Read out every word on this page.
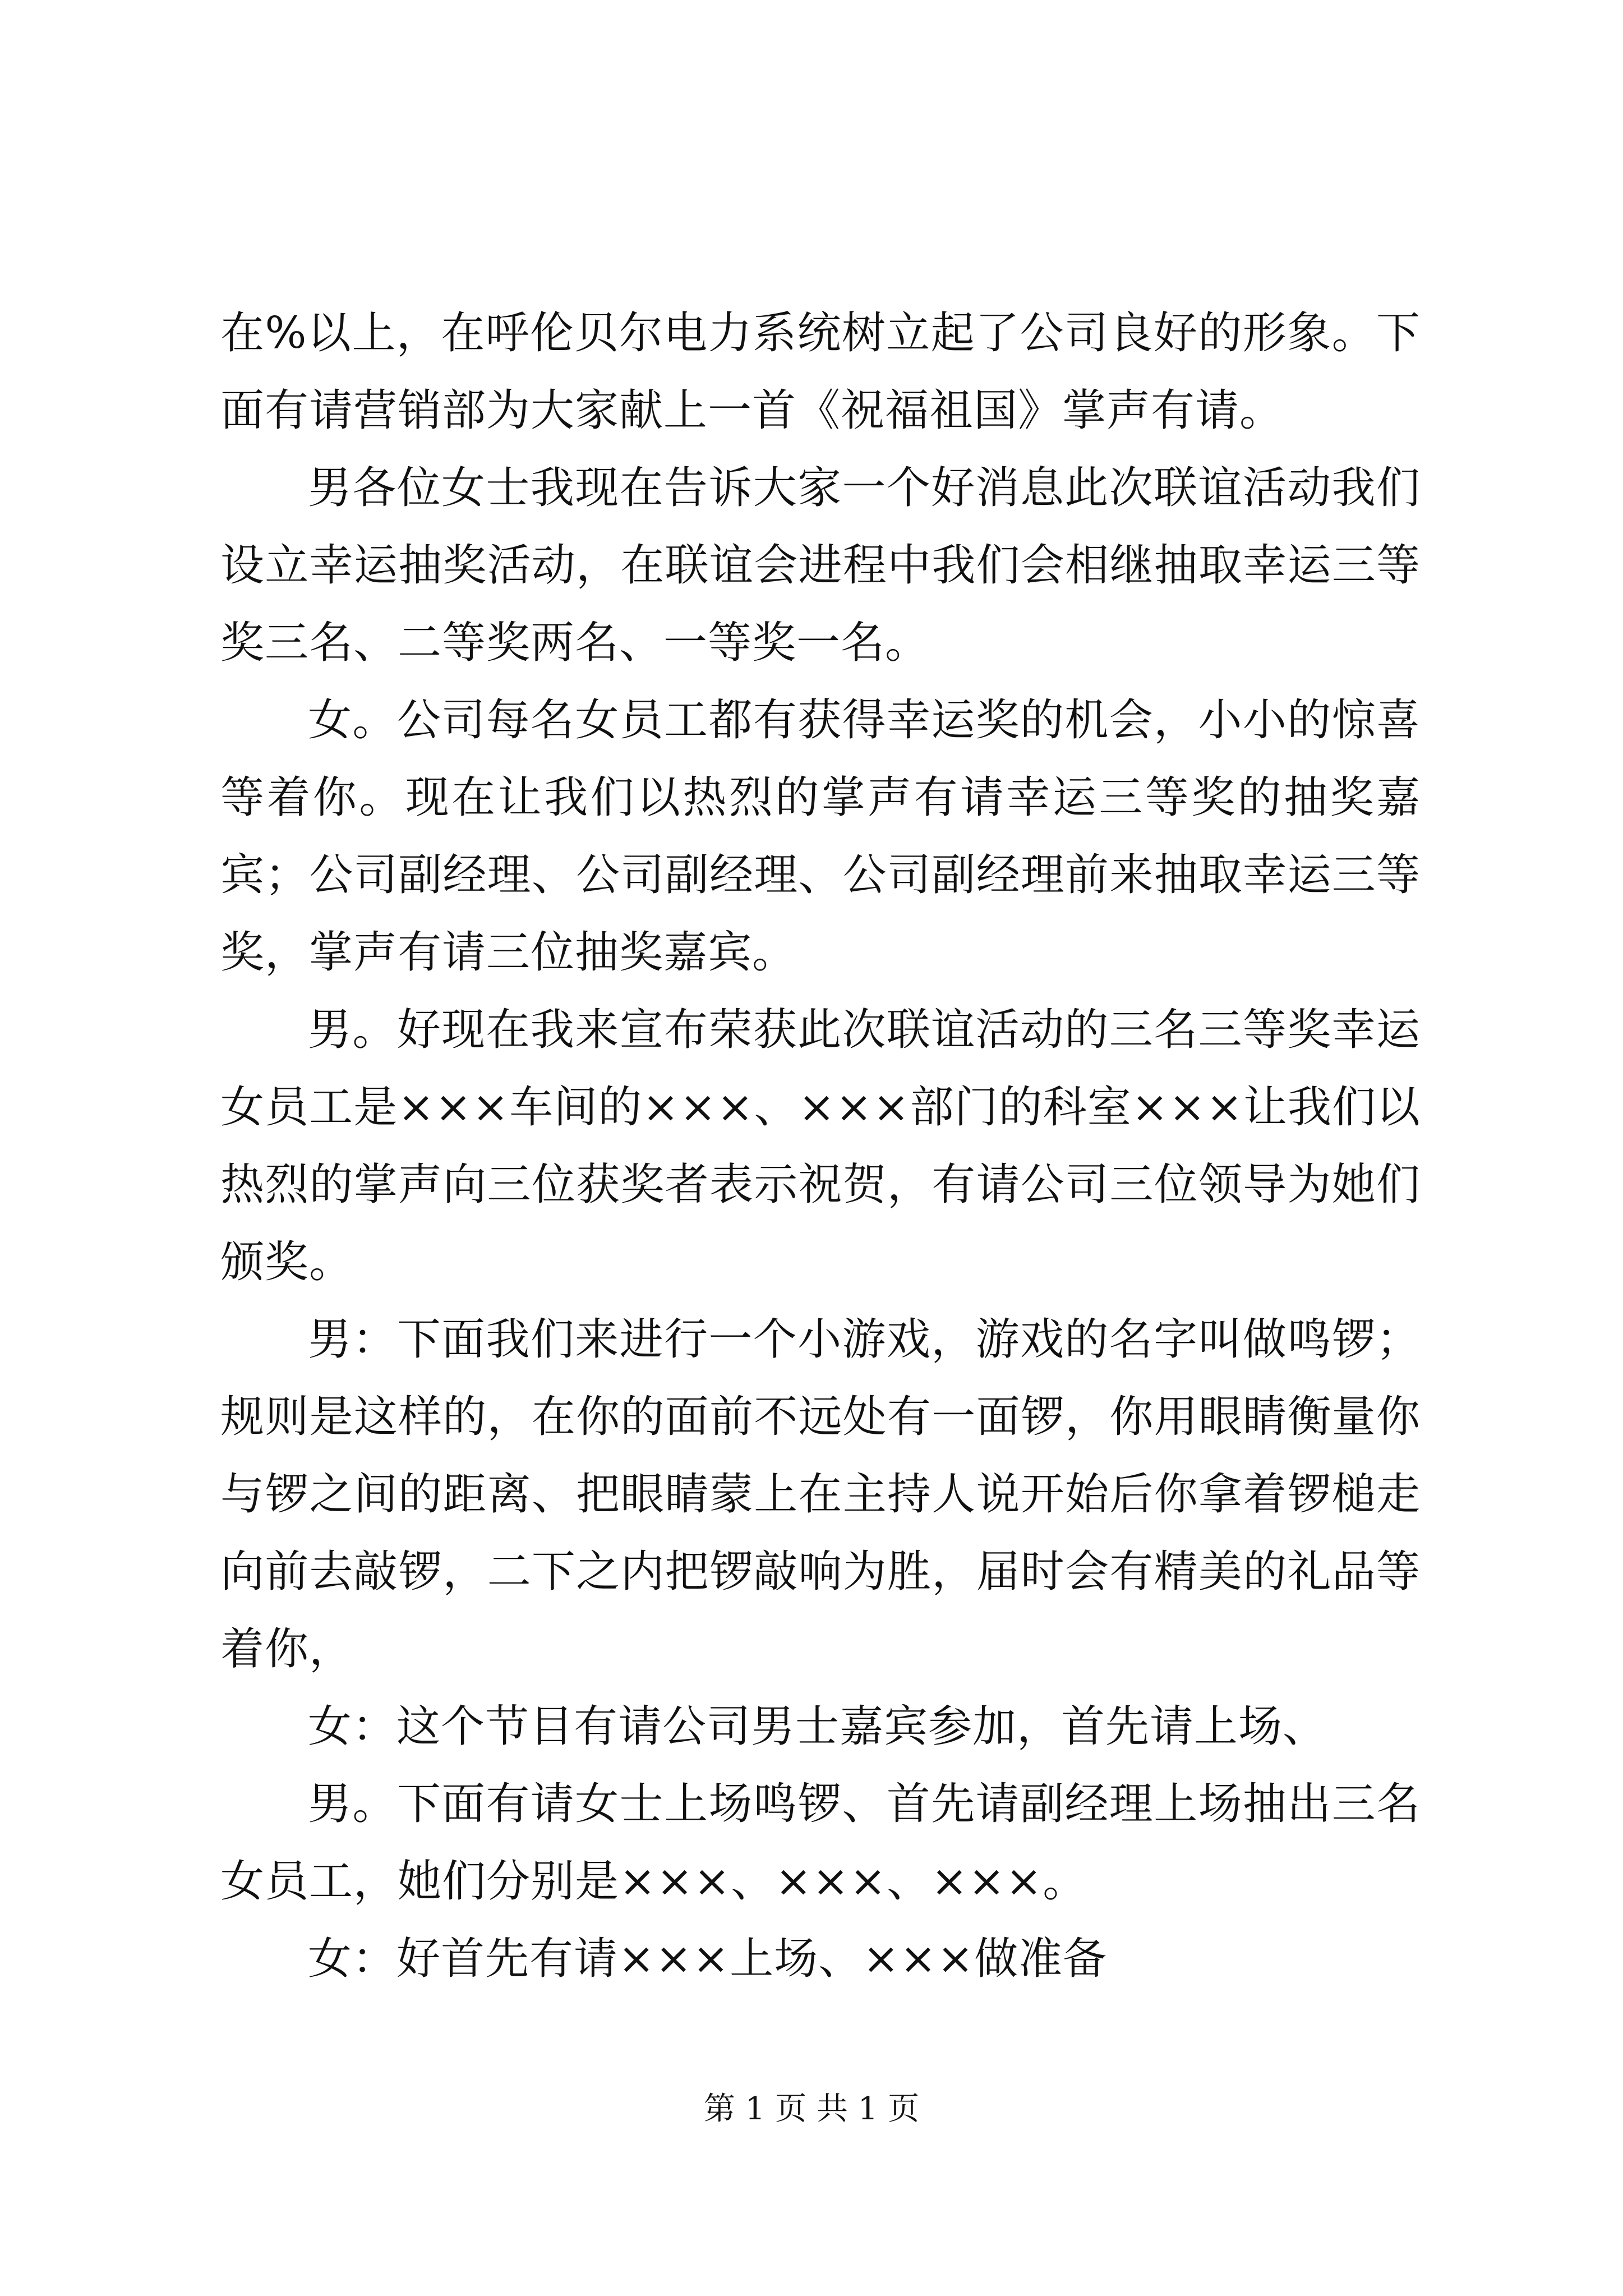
在%以上，在呼伦贝尔电力系统树立起了公司良好的形象。下面有请营销部为大家献上一首《祝福祖国》掌声有请。

男各位女士我现在告诉大家一个好消息此次联谊活动我们设立幸运抽奖活动，在联谊会进程中我们会相继抽取幸运三等奖三名、二等奖两名、一等奖一名。

女。公司每名女员工都有获得幸运奖的机会，小小的惊喜等着你。现在让我们以热烈的掌声有请幸运三等奖的抽奖嘉宾；公司副经理、公司副经理、公司副经理前来抽取幸运三等奖，掌声有请三位抽奖嘉宾。

男。好现在我来宣布荣获此次联谊活动的三名三等奖幸运女员工是×××车间的×××、×××部门的科室×××让我们以热烈的掌声向三位获奖者表示祝贺，有请公司三位领导为她们颁奖。

男：下面我们来进行一个小游戏，游戏的名字叫做鸣锣；规则是这样的，在你的面前不远处有一面锣，你用眼睛衡量你与锣之间的距离、把眼睛蒙上在主持人说开始后你拿着锣槌走向前去敲锣，二下之内把锣敲响为胜，届时会有精美的礼品等着你，

女：这个节目有请公司男士嘉宾参加，首先请上场、

男。下面有请女士上场鸣锣、首先请副经理上场抽出三名女员工，她们分别是×××、×××、×××。

女：好首先有请×××上场、×××做准备

第 1 页 共 1 页
